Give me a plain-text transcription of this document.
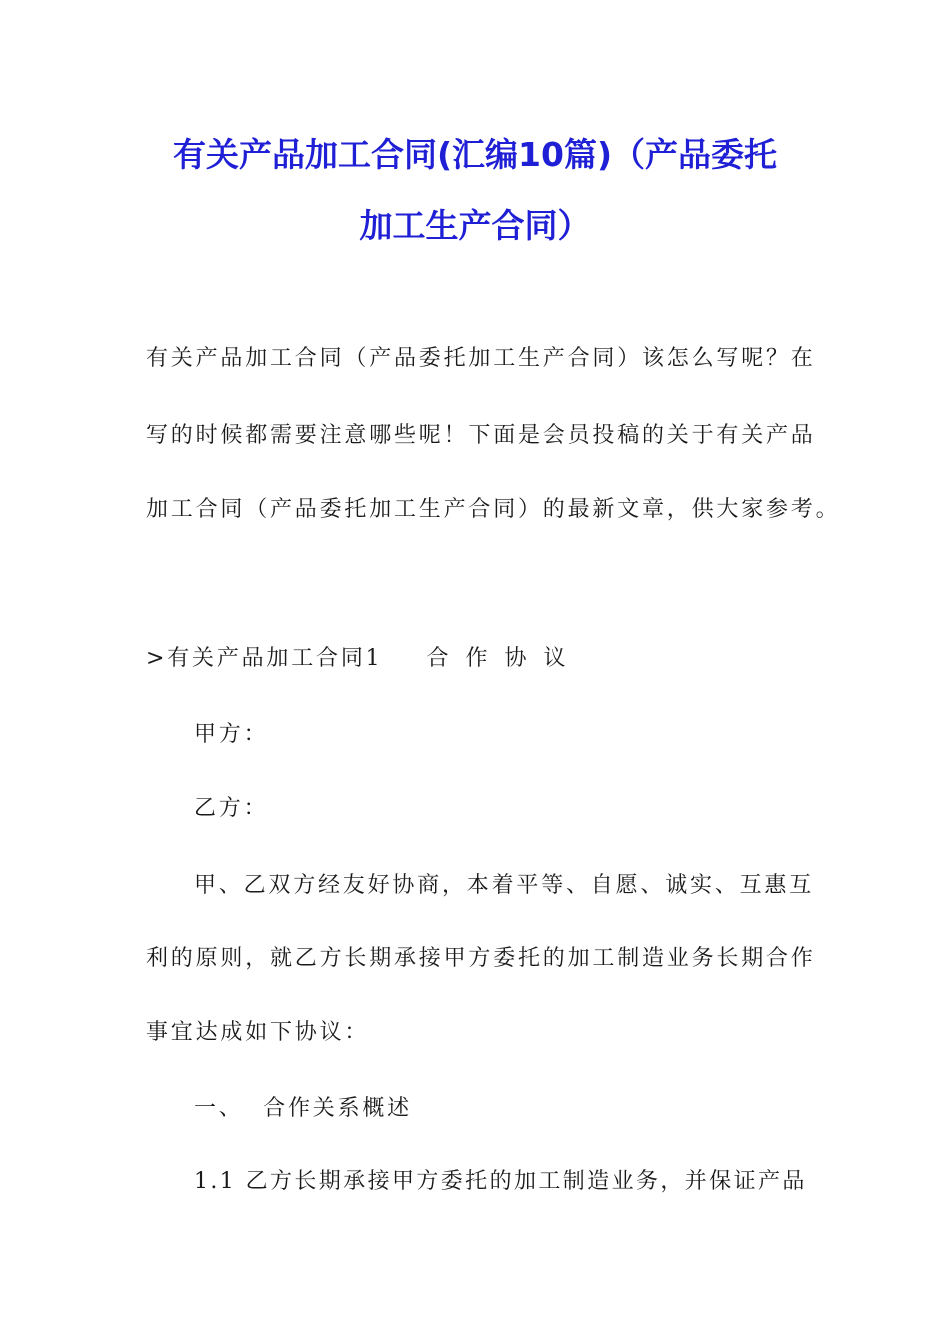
有关产品加工合同(汇编10篇)（产品委托
加工生产合同）
有关产品加工合同（产品委托加工生产合同）该怎么写呢？在
写的时候都需要注意哪些呢！下面是会员投稿的关于有关产品
加工合同（产品委托加工生产合同）的最新文章，供大家参考。
>有关产品加工合同1 合作协议
甲方：
乙方：
甲、乙双方经友好协商，本着平等、自愿、诚实、互惠互
利的原则，就乙方长期承接甲方委托的加工制造业务长期合作
事宜达成如下协议：
一、  合作关系概述
1.1 乙方长期承接甲方委托的加工制造业务，并保证产品
